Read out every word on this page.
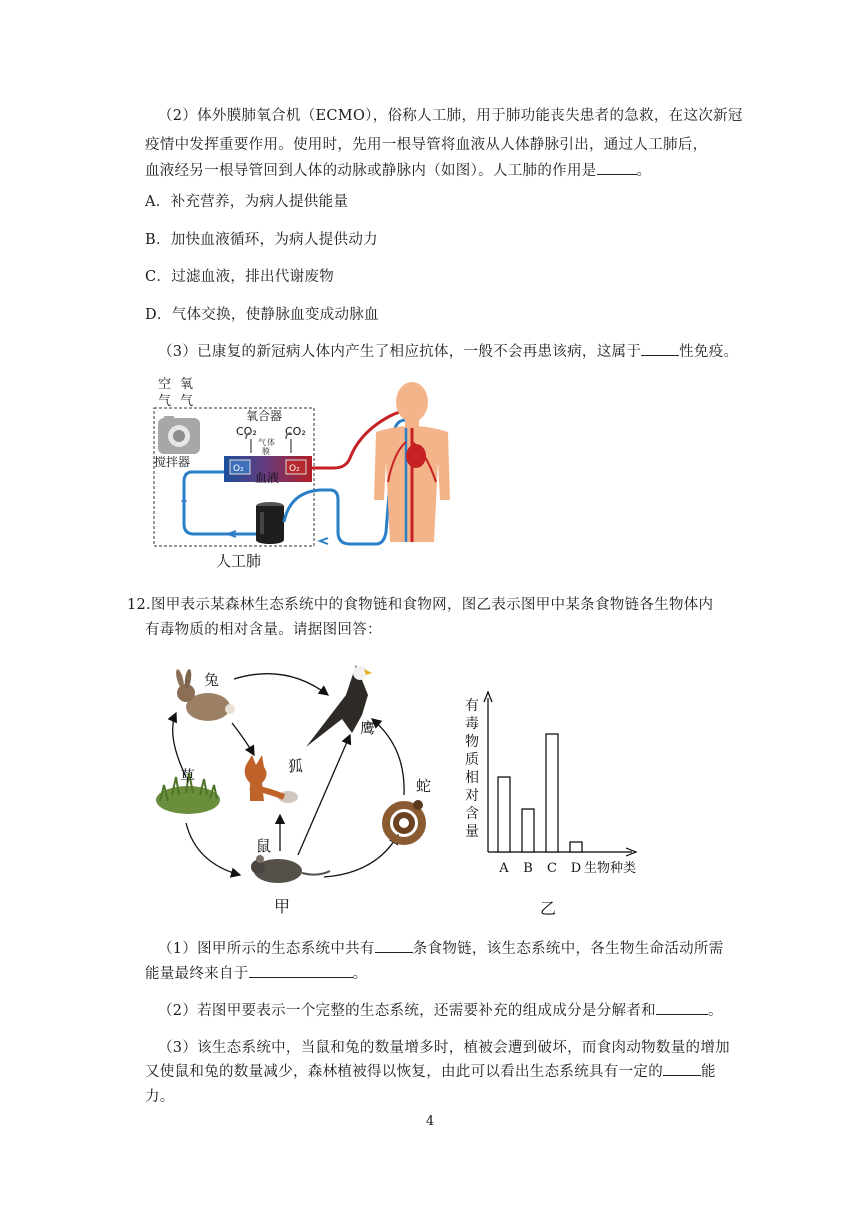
（2）体外膜肺氧合机（ECMO），俗称人工肺，用于肺功能丧失患者的急救，在这次新冠
疫情中发挥重要作用。使用时，先用一根导管将血液从人体静脉引出，通过人工肺后，
血液经另一根导管回到人体的动脉或静脉内（如图）。人工肺的作用是	。
A．补充营养，为病人提供能量
B．加快血液循环，为病人提供动力
C．过滤血液，排出代谢废物
D．气体交换，使静脉血变成动脉血
（3）已康复的新冠病人体内产生了相应抗体，一般不会再患该病，这属于	性免疫。
空
气
氧
气
搅拌器
氧合器
CO₂	CO₂
气 体
膜
O₂	O₂
血液
人工肺
12.图甲表示某森林生态系统中的食物链和食物网，图乙表示图甲中某条食物链各生物体内
有毒物质的相对含量。请据图回答：
兔
鹰
草
狐
蛇
鼠
甲
有
毒
物
质
相
对
含
量
A B C D 生物种类
乙
（1）图甲所示的生态系统中共有	条食物链，该生态系统中，各生物生命活动所需
能量最终来自于	。
（2）若图甲要表示一个完整的生态系统，还需要补充的组成成分是分解者和	。
（3）该生态系统中，当鼠和兔的数量增多时，植被会遭到破坏，而食肉动物数量的增加
又使鼠和兔的数量减少，森林植被得以恢复，由此可以看出生态系统具有一定的	能
力。
4
